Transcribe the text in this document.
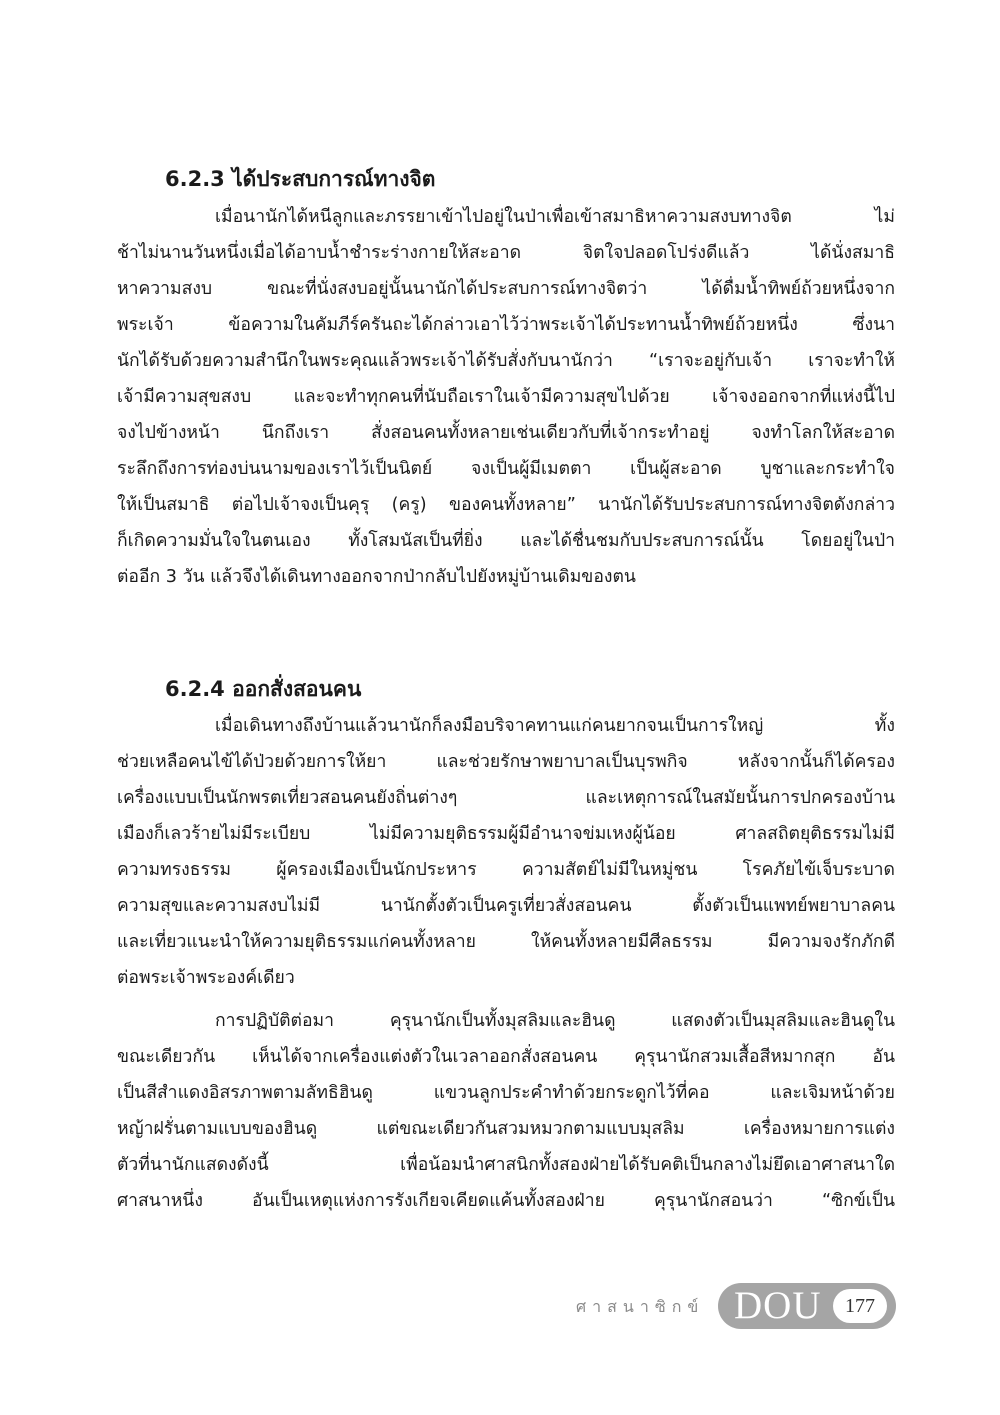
6.2.3 ได้ประสบการณ์ทางจิต
เมื่อนานักได้หนีลูกและภรรยาเข้าไปอยู่ในป่าเพื่อเข้าสมาธิหาความสงบทางจิต ไม่
ช้าไม่นานวันหนึ่งเมื่อได้อาบน้ำชำระร่างกายให้สะอาด จิตใจปลอดโปร่งดีแล้ว ได้นั่งสมาธิ
หาความสงบ ขณะที่นั่งสงบอยู่นั้นนานักได้ประสบการณ์ทางจิตว่า ได้ดื่มน้ำทิพย์ถ้วยหนึ่งจาก
พระเจ้า ข้อความในคัมภีร์ครันถะได้กล่าวเอาไว้ว่าพระเจ้าได้ประทานน้ำทิพย์ถ้วยหนึ่ง ซึ่งนา
นักได้รับด้วยความสำนึกในพระคุณแล้วพระเจ้าได้รับสั่งกับนานักว่า “เราจะอยู่กับเจ้า เราจะทำให้
เจ้ามีความสุขสงบ และจะทำทุกคนที่นับถือเราในเจ้ามีความสุขไปด้วย เจ้าจงออกจากที่แห่งนี้ไป
จงไปข้างหน้า นึกถึงเรา สั่งสอนคนทั้งหลายเช่นเดียวกับที่เจ้ากระทำอยู่ จงทำโลกให้สะอาด
ระลึกถึงการท่องบ่นนามของเราไว้เป็นนิตย์ จงเป็นผู้มีเมตตา เป็นผู้สะอาด บูชาและกระทำใจ
ให้เป็นสมาธิ ต่อไปเจ้าจงเป็นคุรุ (ครู) ของคนทั้งหลาย” นานักได้รับประสบการณ์ทางจิตดังกล่าว
ก็เกิดความมั่นใจในตนเอง ทั้งโสมนัสเป็นที่ยิ่ง และได้ชื่นชมกับประสบการณ์นั้น โดยอยู่ในป่า
ต่ออีก 3 วัน แล้วจึงได้เดินทางออกจากป่ากลับไปยังหมู่บ้านเดิมของตน
6.2.4 ออกสั่งสอนคน
เมื่อเดินทางถึงบ้านแล้วนานักก็ลงมือบริจาคทานแก่คนยากจนเป็นการใหญ่ ทั้ง
ช่วยเหลือคนไข้ได้ป่วยด้วยการให้ยา และช่วยรักษาพยาบาลเป็นบุรพกิจ หลังจากนั้นก็ได้ครอง
เครื่องแบบเป็นนักพรตเที่ยวสอนคนยังถิ่นต่างๆ และเหตุการณ์ในสมัยนั้นการปกครองบ้าน
เมืองก็เลวร้ายไม่มีระเบียบ ไม่มีความยุติธรรมผู้มีอำนาจข่มเหงผู้น้อย ศาลสถิตยุติธรรมไม่มี
ความทรงธรรม ผู้ครองเมืองเป็นนักประหาร ความสัตย์ไม่มีในหมู่ชน โรคภัยไข้เจ็บระบาด
ความสุขและความสงบไม่มี นานักตั้งตัวเป็นครูเที่ยวสั่งสอนคน ตั้งตัวเป็นแพทย์พยาบาลคน
และเที่ยวแนะนำให้ความยุติธรรมแก่คนทั้งหลาย ให้คนทั้งหลายมีศีลธรรม มีความจงรักภักดี
ต่อพระเจ้าพระองค์เดียว
การปฏิบัติต่อมา คุรุนานักเป็นทั้งมุสลิมและฮินดู แสดงตัวเป็นมุสลิมและฮินดูใน
ขณะเดียวกัน เห็นได้จากเครื่องแต่งตัวในเวลาออกสั่งสอนคน คุรุนานักสวมเสื้อสีหมากสุก อัน
เป็นสีสำแดงอิสรภาพตามลัทธิฮินดู แขวนลูกประคำทำด้วยกระดูกไว้ที่คอ และเจิมหน้าด้วย
หญ้าฝรั่นตามแบบของฮินดู แต่ขณะเดียวกันสวมหมวกตามแบบมุสลิม เครื่องหมายการแต่ง
ตัวที่นานักแสดงดังนี้ เพื่อน้อมนำศาสนิกทั้งสองฝ่ายได้รับคติเป็นกลางไม่ยึดเอาศาสนาใด
ศาสนาหนึ่ง อันเป็นเหตุแห่งการรังเกียจเคียดแค้นทั้งสองฝ่าย คุรุนานักสอนว่า “ซิกข์เป็น
ศาสนาซิกข์ DOU	177
